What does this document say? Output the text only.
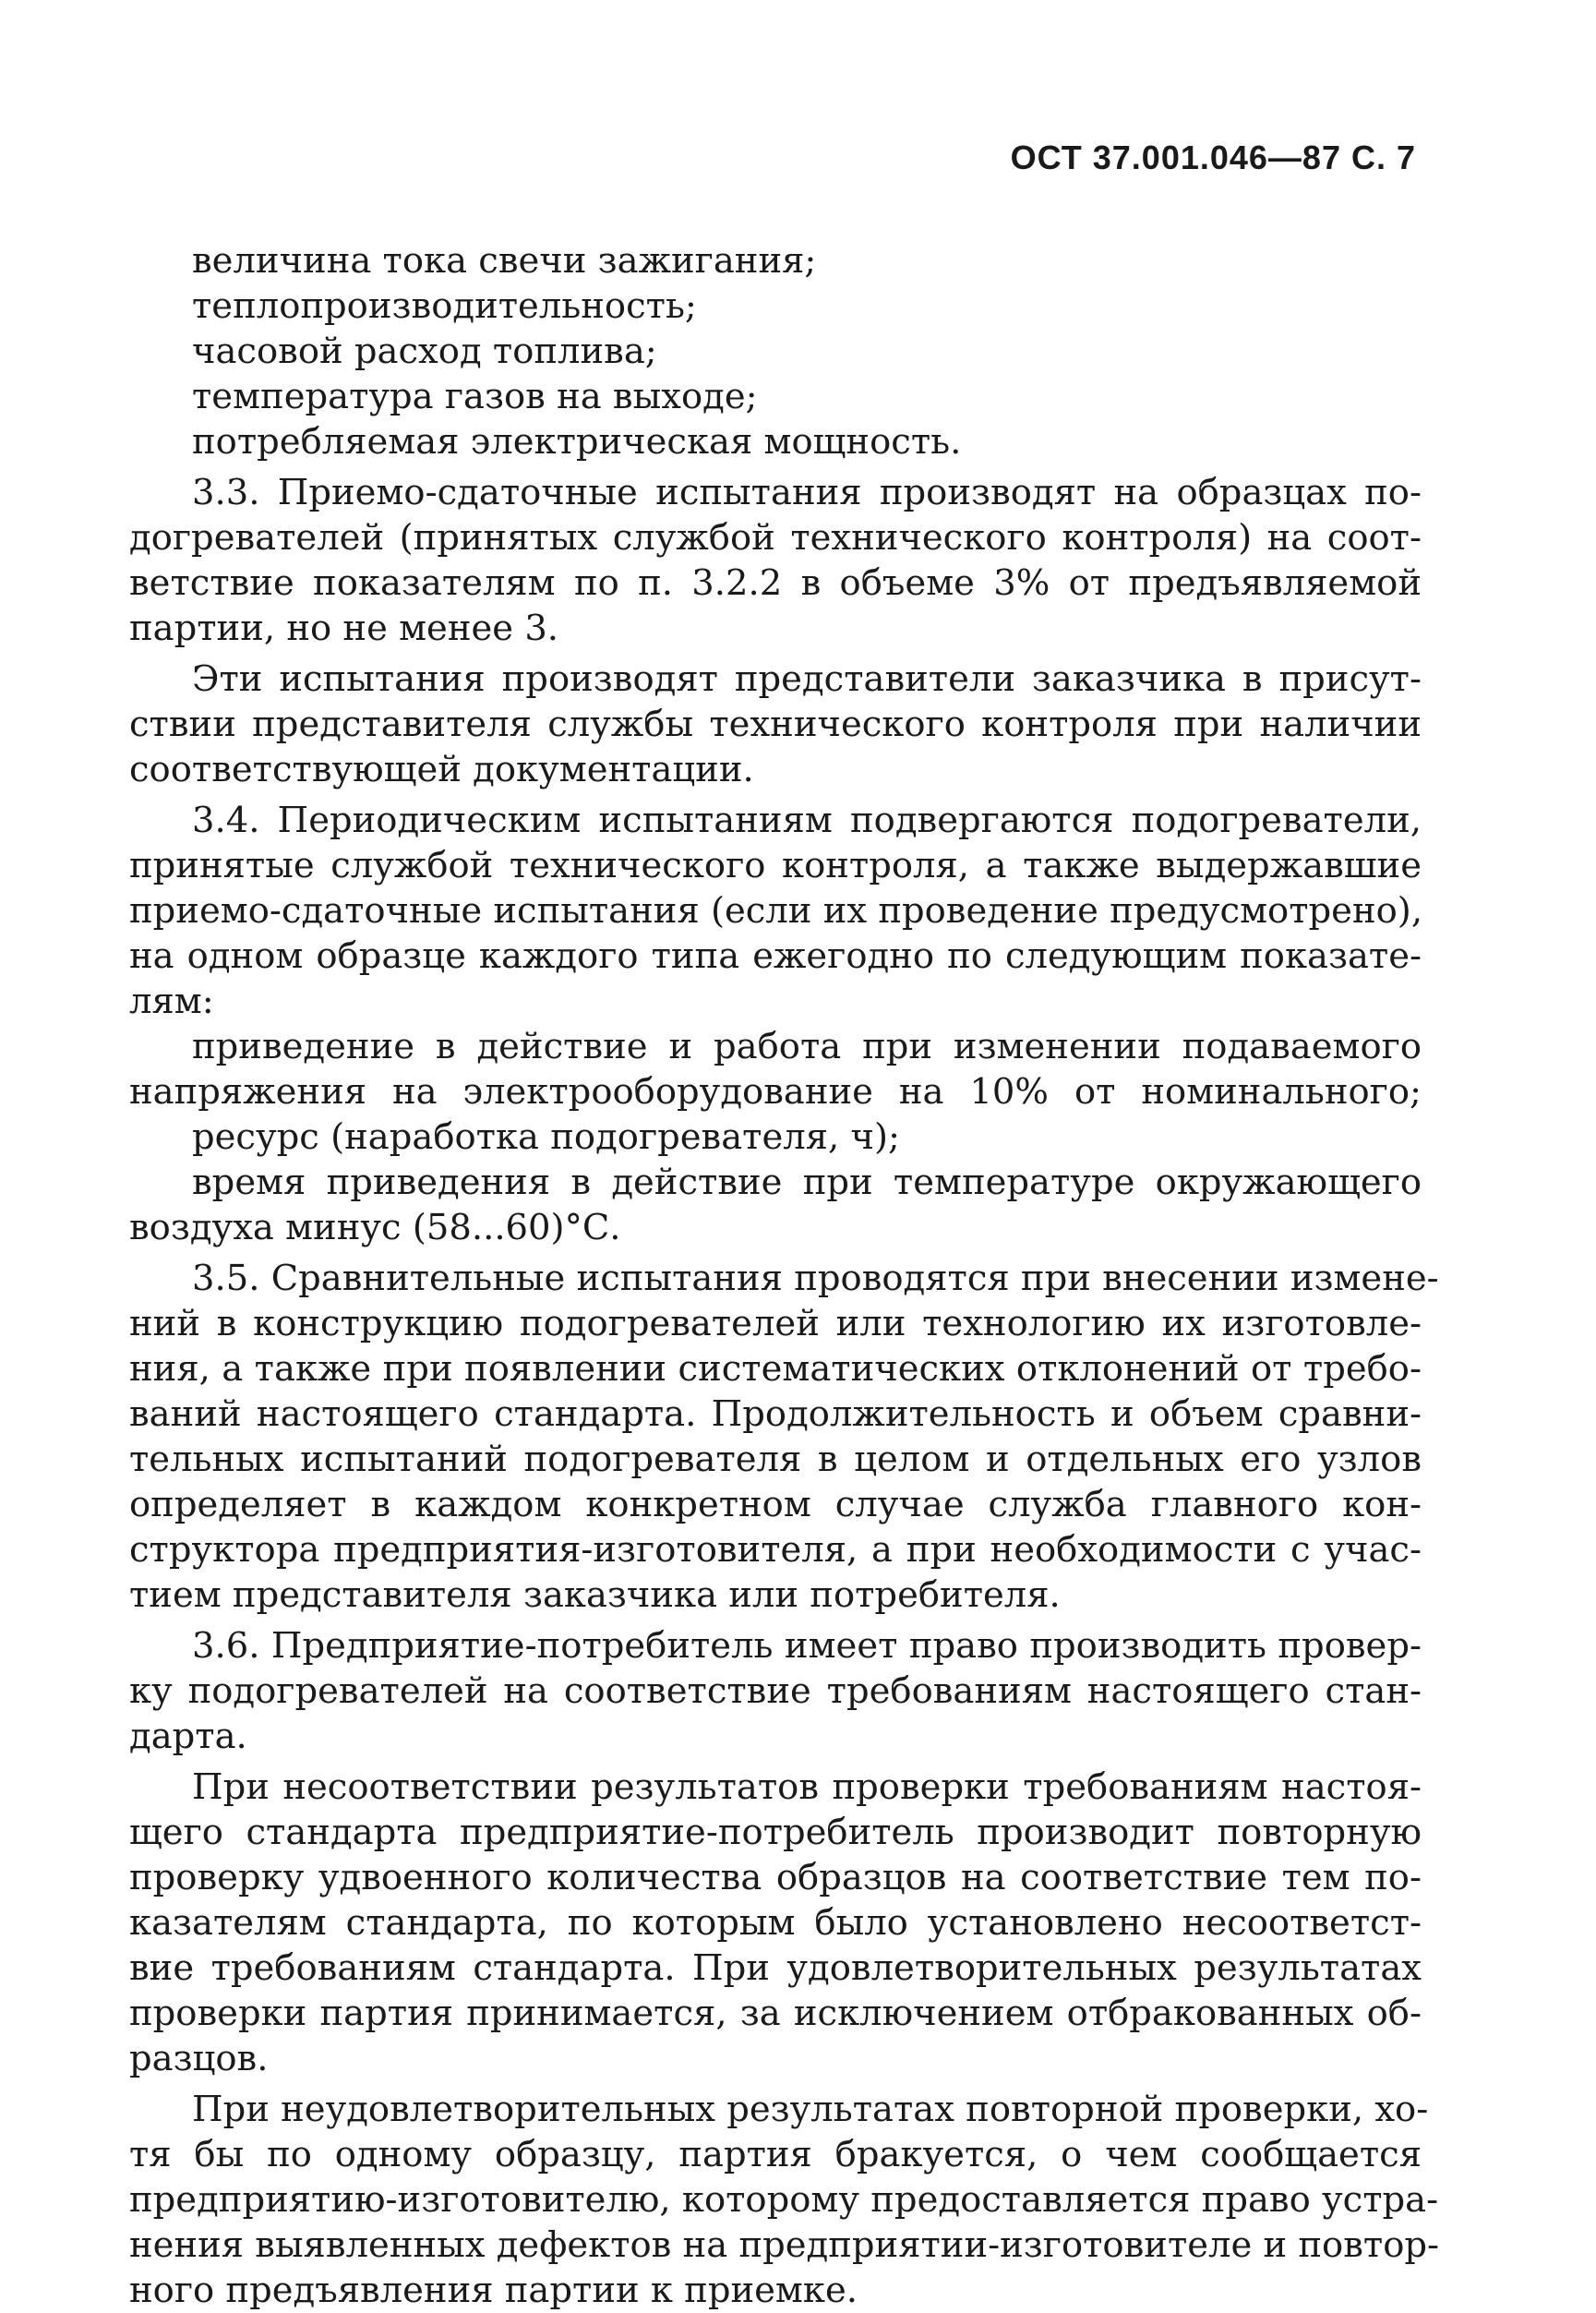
ОСТ 37.001.046—87 С. 7
величина тока свечи зажигания;
теплопроизводительность;
часовой расход топлива;
температура газов на выходе;
потребляемая электрическая мощность.
3.3. Приемо-сдаточные испытания производят на образцах по-
догревателей (принятых службой технического контроля) на соот-
ветствие показателям по п. 3.2.2 в объеме 3% от предъявляемой
партии, но не менее 3.
Эти испытания производят представители заказчика в присут-
ствии представителя службы технического контроля при наличии
соответствующей документации.
3.4. Периодическим испытаниям подвергаются подогреватели,
принятые службой технического контроля, а также выдержавшие
приемо-сдаточные испытания (если их проведение предусмотрено),
на одном образце каждого типа ежегодно по следующим показате-
лям:
приведение в действие и работа при изменении подаваемого
напряжения на электрооборудование на 10% от номинального;
ресурс (наработка подогревателя, ч);
время приведения в действие при температуре окружающего
воздуха минус (58...60)°С.
3.5. Сравнительные испытания проводятся при внесении измене-
ний в конструкцию подогревателей или технологию их изготовле-
ния, а также при появлении систематических отклонений от требо-
ваний настоящего стандарта. Продолжительность и объем сравни-
тельных испытаний подогревателя в целом и отдельных его узлов
определяет в каждом конкретном случае служба главного кон-
структора предприятия-изготовителя, а при необходимости с учас-
тием представителя заказчика или потребителя.
3.6. Предприятие-потребитель имеет право производить провер-
ку подогревателей на соответствие требованиям настоящего стан-
дарта.
При несоответствии результатов проверки требованиям настоя-
щего стандарта предприятие-потребитель производит повторную
проверку удвоенного количества образцов на соответствие тем по-
казателям стандарта, по которым было установлено несоответст-
вие требованиям стандарта. При удовлетворительных результатах
проверки партия принимается, за исключением отбракованных об-
разцов.
При неудовлетворительных результатах повторной проверки, хо-
тя бы по одному образцу, партия бракуется, о чем сообщается
предприятию-изготовителю, которому предоставляется право устра-
нения выявленных дефектов на предприятии-изготовителе и повтор-
ного предъявления партии к приемке.
